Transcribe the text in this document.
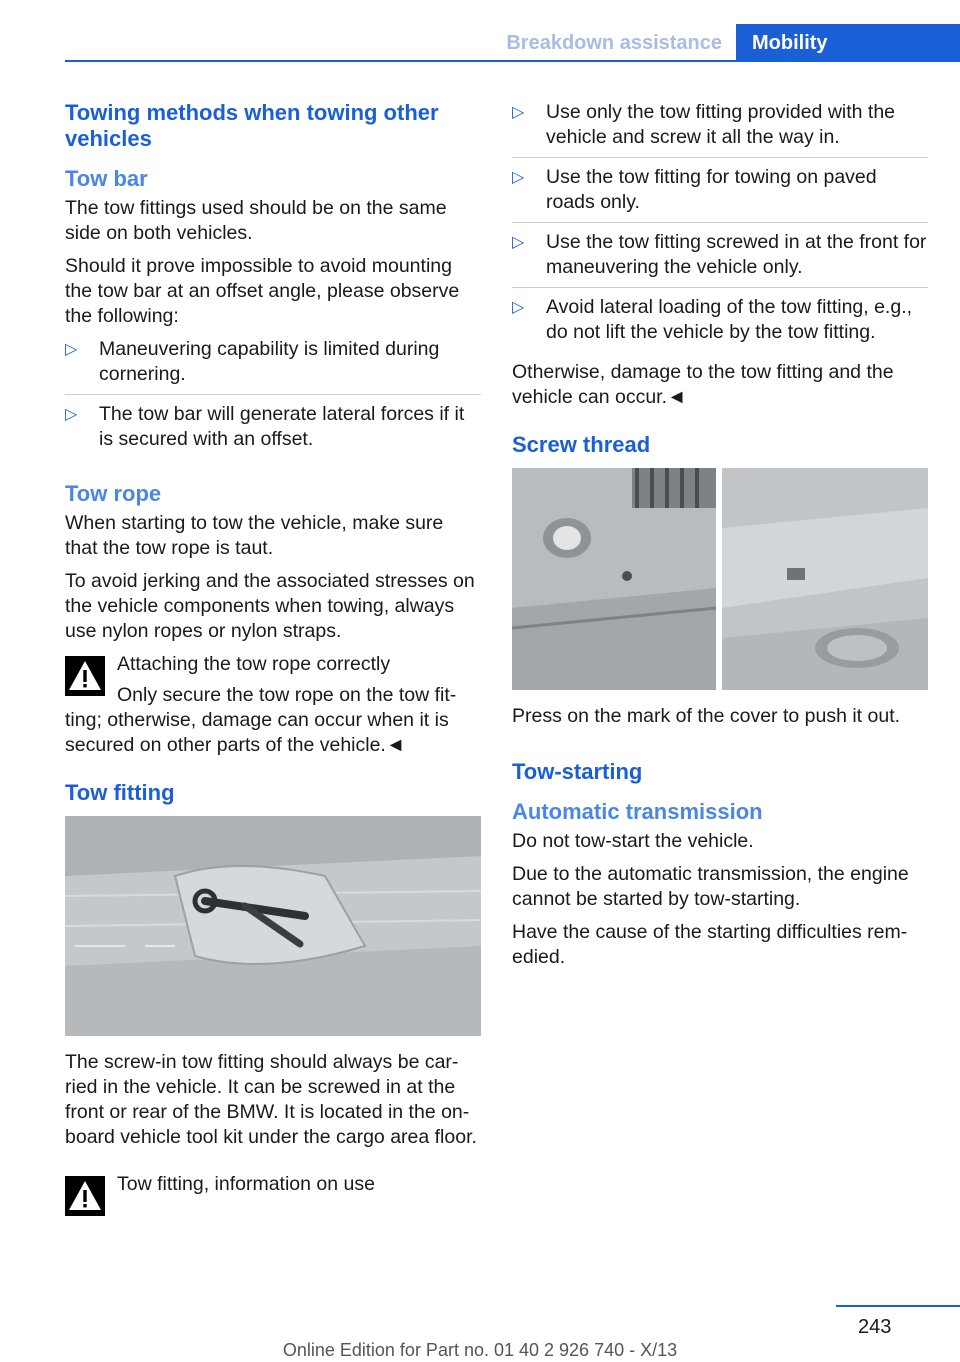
Breakdown assistance	Mobility
Towing methods when towing other vehicles
Tow bar

The tow fittings used should be on the same side on both vehicles.

Should it prove impossible to avoid mounting the tow bar at an offset angle, please observe the following:

▷ Maneuvering capability is limited during cornering.
▷ The tow bar will generate lateral forces if it is secured with an offset.
Tow rope

When starting to tow the vehicle, make sure that the tow rope is taut.

To avoid jerking and the associated stresses on the vehicle components when towing, always use nylon ropes or nylon straps.

Attaching the tow rope correctly

Only secure the tow rope on the tow fitting; otherwise, damage can occur when it is secured on other parts of the vehicle.◄

Tow fitting

The screw-in tow fitting should always be carried in the vehicle. It can be screwed in at the front or rear of the BMW. It is located in the onboard vehicle tool kit under the cargo area floor.

Tow fitting, information on use

▷ Use only the tow fitting provided with the vehicle and screw it all the way in.
▷ Use the tow fitting for towing on paved roads only.
▷ Use the tow fitting screwed in at the front for maneuvering the vehicle only.
▷ Avoid lateral loading of the tow fitting, e.g., do not lift the vehicle by the tow fitting.

Otherwise, damage to the tow fitting and the vehicle can occur.◄

Screw thread

Press on the mark of the cover to push it out.

Tow-starting
Automatic transmission

Do not tow-start the vehicle.

Due to the automatic transmission, the engine cannot be started by tow-starting.

Have the cause of the starting difficulties remedied.

243
Online Edition for Part no. 01 40 2 926 740 - X/13
